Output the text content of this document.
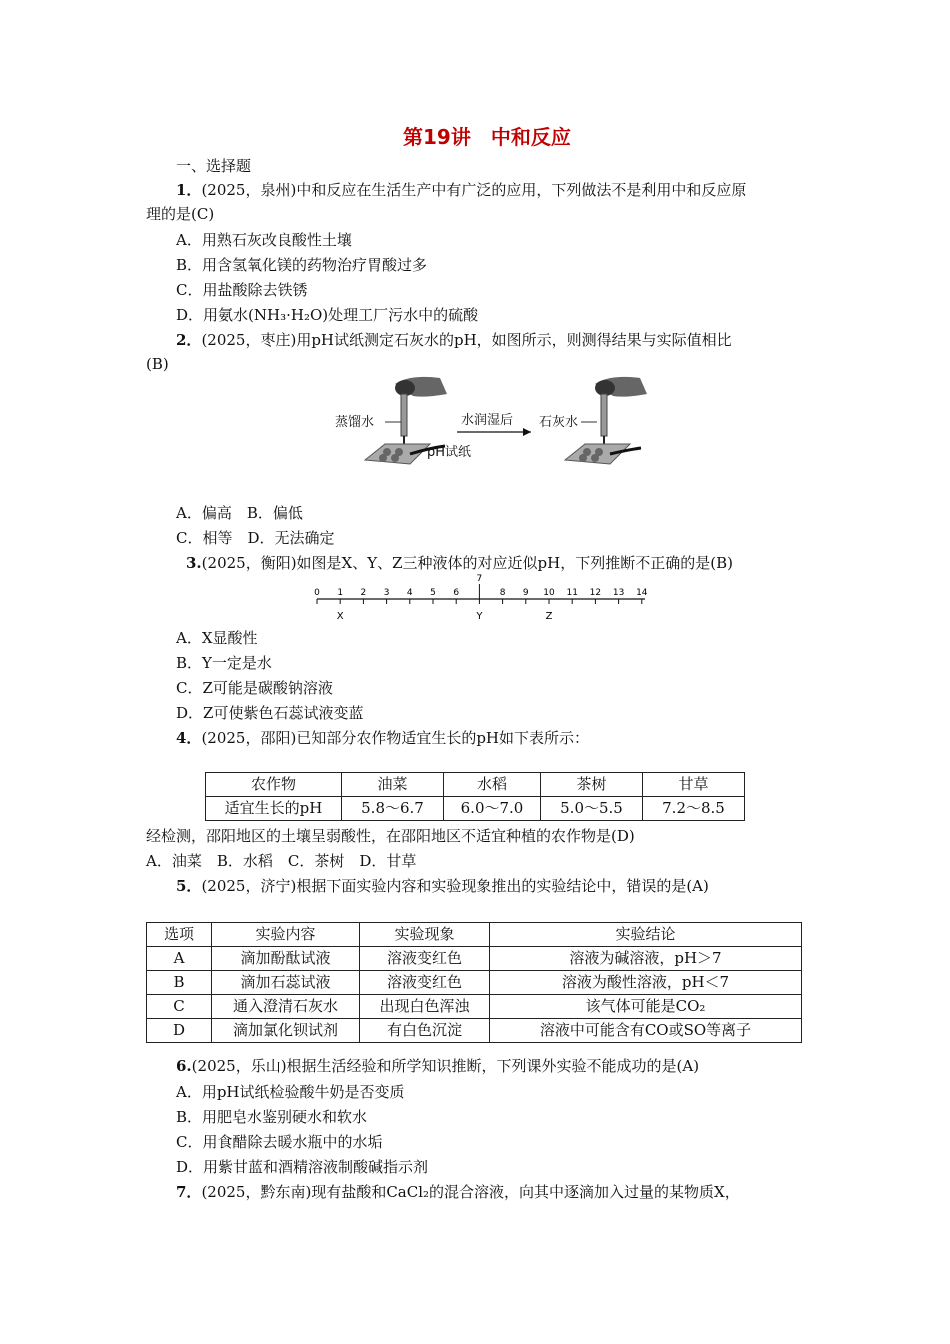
第19讲　中和反应
一、选择题
1．(2025，泉州)中和反应在生活生产中有广泛的应用，下列做法不是利用中和反应原
理的是(C)
A．用熟石灰改良酸性土壤
B．用含氢氧化镁的药物治疗胃酸过多
C．用盐酸除去铁锈
D．用氨水(NH₃·H₂O)处理工厂污水中的硫酸
2．(2025，枣庄)用pH试纸测定石灰水的pH，如图所示，则测得结果与实际值相比
(B)
蒸馏水
pH试纸
水润湿后 石灰水
A．偏高　B．偏低
C．相等　D．无法确定
3.(2025，衡阳)如图是X、Y、Z三种液体的对应近似pH，下列推断不正确的是(B)
0 1 2 3 4 5 6	8 9 10 11 12 13 14
7
X	Y	Z
A．X显酸性
B．Y一定是水
C．Z可能是碳酸钠溶液
D．Z可使紫色石蕊试液变蓝
4．(2025，邵阳)已知部分农作物适宜生长的pH如下表所示：
农作物	油菜	水稻	茶树	甘草
适宜生长的pH	5.8～6.7	6.0～7.0	5.0～5.5	7.2～8.5
经检测，邵阳地区的土壤呈弱酸性，在邵阳地区不适宜种植的农作物是(D)
A．油菜　B．水稻　C．茶树　D．甘草
5．(2025，济宁)根据下面实验内容和实验现象推出的实验结论中，错误的是(A)
选项	实验内容	实验现象	实验结论
A	滴加酚酞试液	溶液变红色	溶液为碱溶液，pH＞7
B	滴加石蕊试液	溶液变红色	溶液为酸性溶液，pH＜7
C	通入澄清石灰水	出现白色浑浊	该气体可能是CO₂
D	滴加氯化钡试剂	有白色沉淀	溶液中可能含有CO或SO等离子
6.(2025，乐山)根据生活经验和所学知识推断，下列课外实验不能成功的是(A)
A．用pH试纸检验酸牛奶是否变质
B．用肥皂水鉴别硬水和软水
C．用食醋除去暖水瓶中的水垢
D．用紫甘蓝和酒精溶液制酸碱指示剂
7．(2025，黔东南)现有盐酸和CaCl₂的混合溶液，向其中逐滴加入过量的某物质X，
